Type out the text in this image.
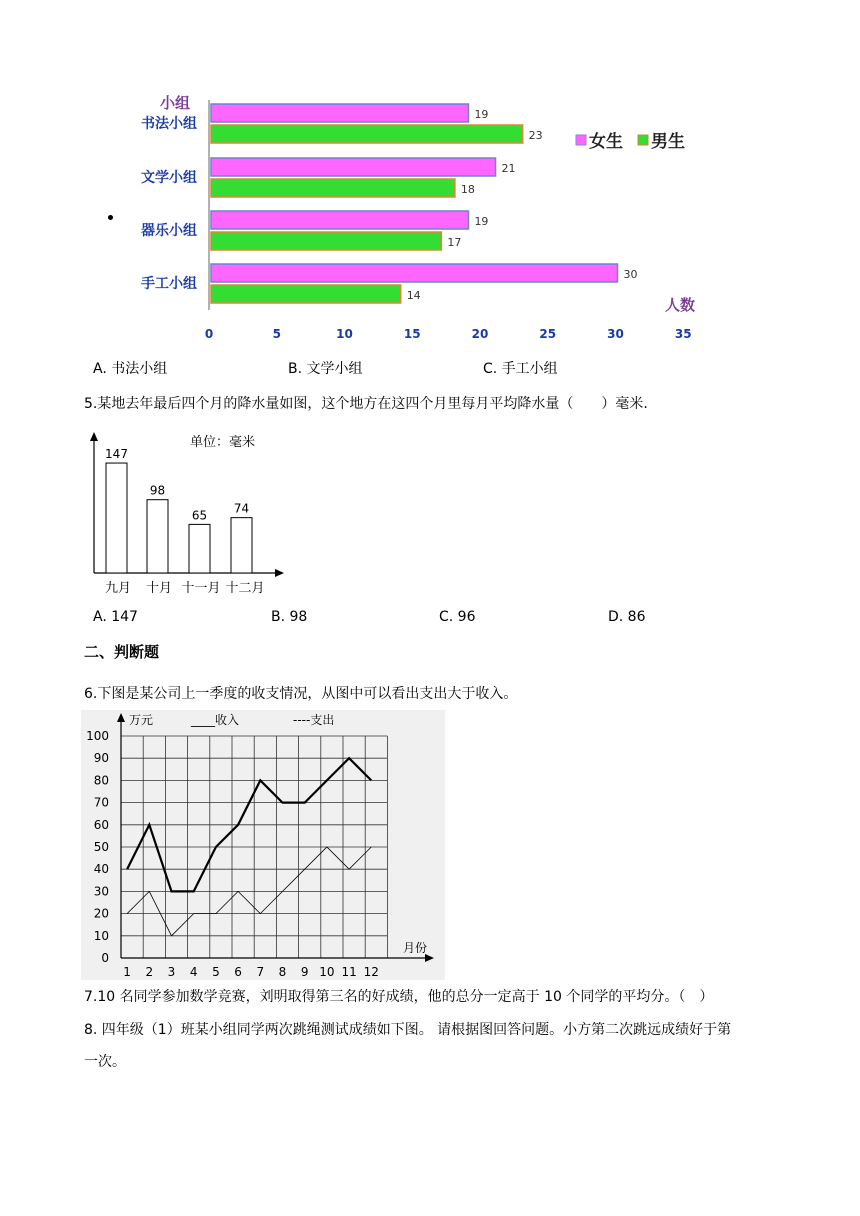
小组
书法小组
文学小组
器乐小组
手工小组
19
23
21
18
19
17
30
14
0	5	10	15	20	25	30	35
人数
女生 男生
A. 书法小组	B. 文学小组	C. 手工小组
5.某地去年最后四个月的降水量如图，这个地方在这四个月里每月平均降水量（　　）毫米.
单位：毫米
147
98
65 74
九月 十月 十一月 十二月
A. 147	B. 98	C. 96	D. 86
二、判断题
6.下图是某公司上一季度的收支情况，从图中可以看出支出大于收入。
万元	____收入	----支出
月份
0
10
20
30
40
50
60
70
80
90
100
1 2 3 4 5 6 7 8 9 10 11 12
7.10 名同学参加数学竞赛，刘明取得第三名的好成绩，他的总分一定高于 10 个同学的平均分。（　）
8. 四年级（1）班某小组同学两次跳绳测试成绩如下图。 请根据图回答问题。小方第二次跳远成绩好于第
一次。
